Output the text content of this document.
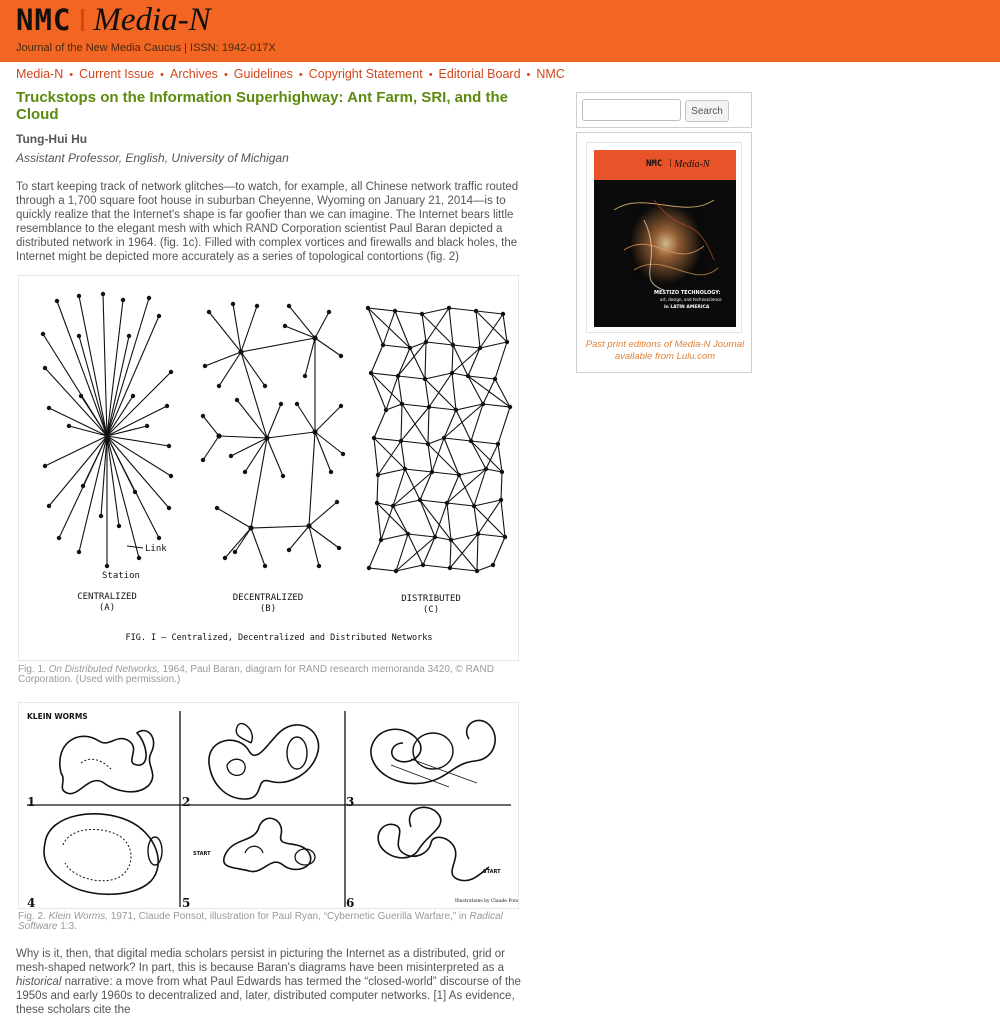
NMC Media-N
Journal of the New Media Caucus | ISSN: 1942-017X
Media-N • Current Issue • Archives • Guidelines • Copyright Statement • Editorial Board • NMC
Truckstops on the Information Superhighway: Ant Farm, SRI, and the Cloud
Tung-Hui Hu
Assistant Professor, English, University of Michigan

To start keeping track of network glitches—to watch, for example, all Chinese network traffic routed through a 1,700 square foot house in suburban Cheyenne, Wyoming on January 21, 2014—is to quickly realize that the Internet's shape is far goofier than we can imagine. The Internet bears little resemblance to the elegant mesh with which RAND Corporation scientist Paul Baran depicted a distributed network in 1964. (fig. 1c). Filled with complex vortices and firewalls and black holes, the Internet might be depicted more accurately as a series of topological contortions (fig. 2)

Link
Station
CENTRALIZED
(A)
DECENTRALIZED
(B)
DISTRIBUTED
(C)
FIG. I — Centralized, Decentralized and Distributed Networks
Fig. 1. On Distributed Networks, 1964, Paul Baran, diagram for RAND research memoranda 3420, © RAND Corporation. (Used with permission.)
KLEIN WORMS
1	2	3
4	5	6
START
START
Illustrations by Claude Ponsot
Fig. 2. Klein Worms, 1971, Claude Ponsot, illustration for Paul Ryan, “Cybernetic Guerilla Warfare,” in Radical Software 1:3.

Why is it, then, that digital media scholars persist in picturing the Internet as a distributed, grid or mesh-shaped network? In part, this is because Baran's diagrams have been misinterpreted as a historical narrative: a move from what Paul Edwards has termed the “closed-world” discourse of the 1950s and early 1960s to decentralized and, later, distributed computer networks. [1] As evidence, these scholars cite the

Search
NMC Media-N
MESTIZO TECHNOLOGY:
art, design, and technoscience
in LATIN AMERICA
Past print editions of Media-N Journal available from Lulu.com
